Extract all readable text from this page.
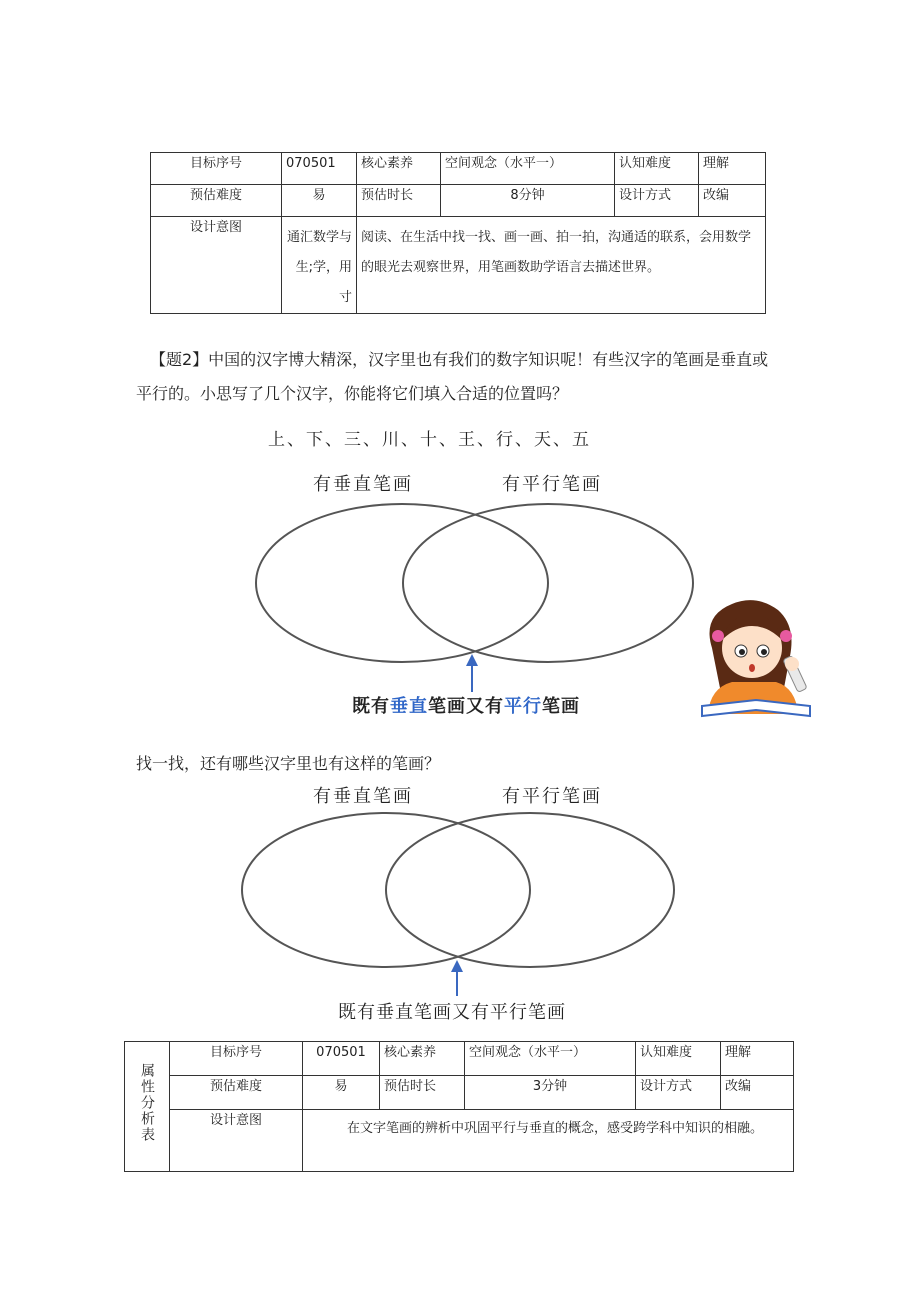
目标序号	070501	核心素养	空间观念（水平一）	认知难度	理解
预估难度	易	预估时长	8分钟	设计方式	改编
设计意图	通汇数学与生;学，用寸	阅读、在生活中找一找、画一画、拍一拍，沟通适的联系，会用数学的眼光去观察世界，用笔画数助学语言去描述世界。			
【题2】中国的汉字博大精深，汉字里也有我们的数字知识呢！有些汉字的笔画是垂直或
平行的。小思写了几个汉字，你能将它们填入合适的位置吗？
上、下、三、川、十、王、行、天、五
有垂直笔画	有平行笔画
既有垂直笔画又有平行笔画
找一找，还有哪些汉字里也有这样的笔画？
有垂直笔画	有平行笔画
既有垂直笔画又有平行笔画
属性分析表	目标序号	070501	核心素养	空间观念（水平一）	认知难度	理解
	预估难度	易	预估时长	3分钟	设计方式	改编
	设计意图	在文字笔画的辨析中巩固平行与垂直的概念，感受跨学科中知识的相融。				
